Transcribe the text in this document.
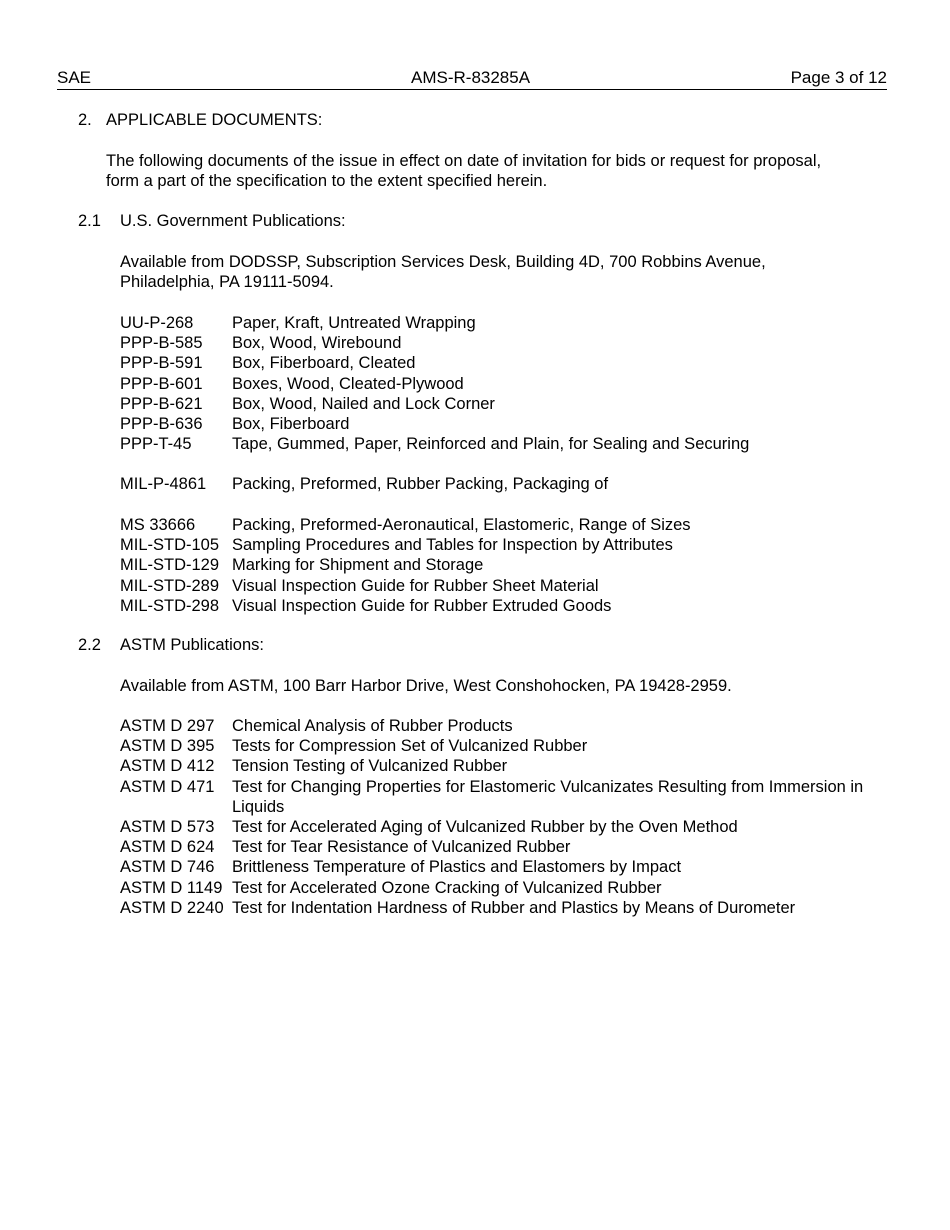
SAE	AMS-R-83285A	Page 3 of 12
2. APPLICABLE DOCUMENTS:
The following documents of the issue in effect on date of invitation for bids or request for proposal,
form a part of the specification to the extent specified herein.
2.1 U.S. Government Publications:
Available from DODSSP, Subscription Services Desk, Building 4D, 700 Robbins Avenue,
Philadelphia, PA 19111-5094.
UU-P-268	Paper, Kraft, Untreated Wrapping
PPP-B-585	Box, Wood, Wirebound
PPP-B-591	Box, Fiberboard, Cleated
PPP-B-601	Boxes, Wood, Cleated-Plywood
PPP-B-621	Box, Wood, Nailed and Lock Corner
PPP-B-636	Box, Fiberboard
PPP-T-45	Tape, Gummed, Paper, Reinforced and Plain, for Sealing and Securing
MIL-P-4861	Packing, Preformed, Rubber Packing, Packaging of
MS 33666	Packing, Preformed-Aeronautical, Elastomeric, Range of Sizes
MIL-STD-105 Sampling Procedures and Tables for Inspection by Attributes
MIL-STD-129 Marking for Shipment and Storage
MIL-STD-289 Visual Inspection Guide for Rubber Sheet Material
MIL-STD-298 Visual Inspection Guide for Rubber Extruded Goods
2.2 ASTM Publications:
Available from ASTM, 100 Barr Harbor Drive, West Conshohocken, PA 19428-2959.
ASTM D 297	Chemical Analysis of Rubber Products
ASTM D 395	Tests for Compression Set of Vulcanized Rubber
ASTM D 412	Tension Testing of Vulcanized Rubber
ASTM D 471	Test for Changing Properties for Elastomeric Vulcanizates Resulting from Immersion in Liquids
ASTM D 573	Test for Accelerated Aging of Vulcanized Rubber by the Oven Method
ASTM D 624	Test for Tear Resistance of Vulcanized Rubber
ASTM D 746	Brittleness Temperature of Plastics and Elastomers by Impact
ASTM D 1149 Test for Accelerated Ozone Cracking of Vulcanized Rubber
ASTM D 2240 Test for Indentation Hardness of Rubber and Plastics by Means of Durometer
